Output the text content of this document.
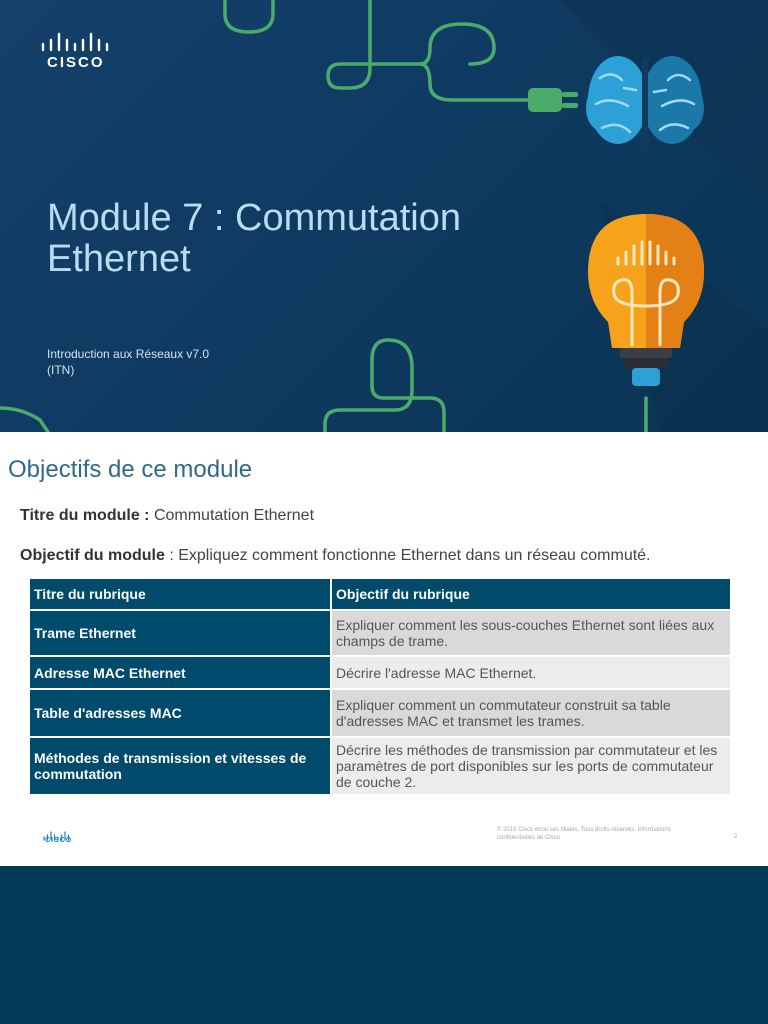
CISCO
Module 7 : Commutation Ethernet
Introduction aux Réseaux v7.0
(ITN)
Objectifs de ce module
Titre du module : Commutation Ethernet
Objectif du module : Expliquez comment fonctionne Ethernet dans un réseau commuté.
Titre du rubrique	Objectif du rubrique
Trame Ethernet	Expliquer comment les sous-couches Ethernet sont liées aux champs de trame.
Adresse MAC Ethernet	Décrire l'adresse MAC Ethernet.
Table d'adresses MAC	Expliquer comment un commutateur construit sa table d'adresses MAC et transmet les trames.
Méthodes de transmission et vitesses de commutation	Décrire les méthodes de transmission par commutateur et les paramètres de port disponibles sur les ports de commutateur de couche 2.
CISCO
© 2016 Cisco et/ou ses filiales. Tous droits réservés. Informations confidentielles de Cisco	2
